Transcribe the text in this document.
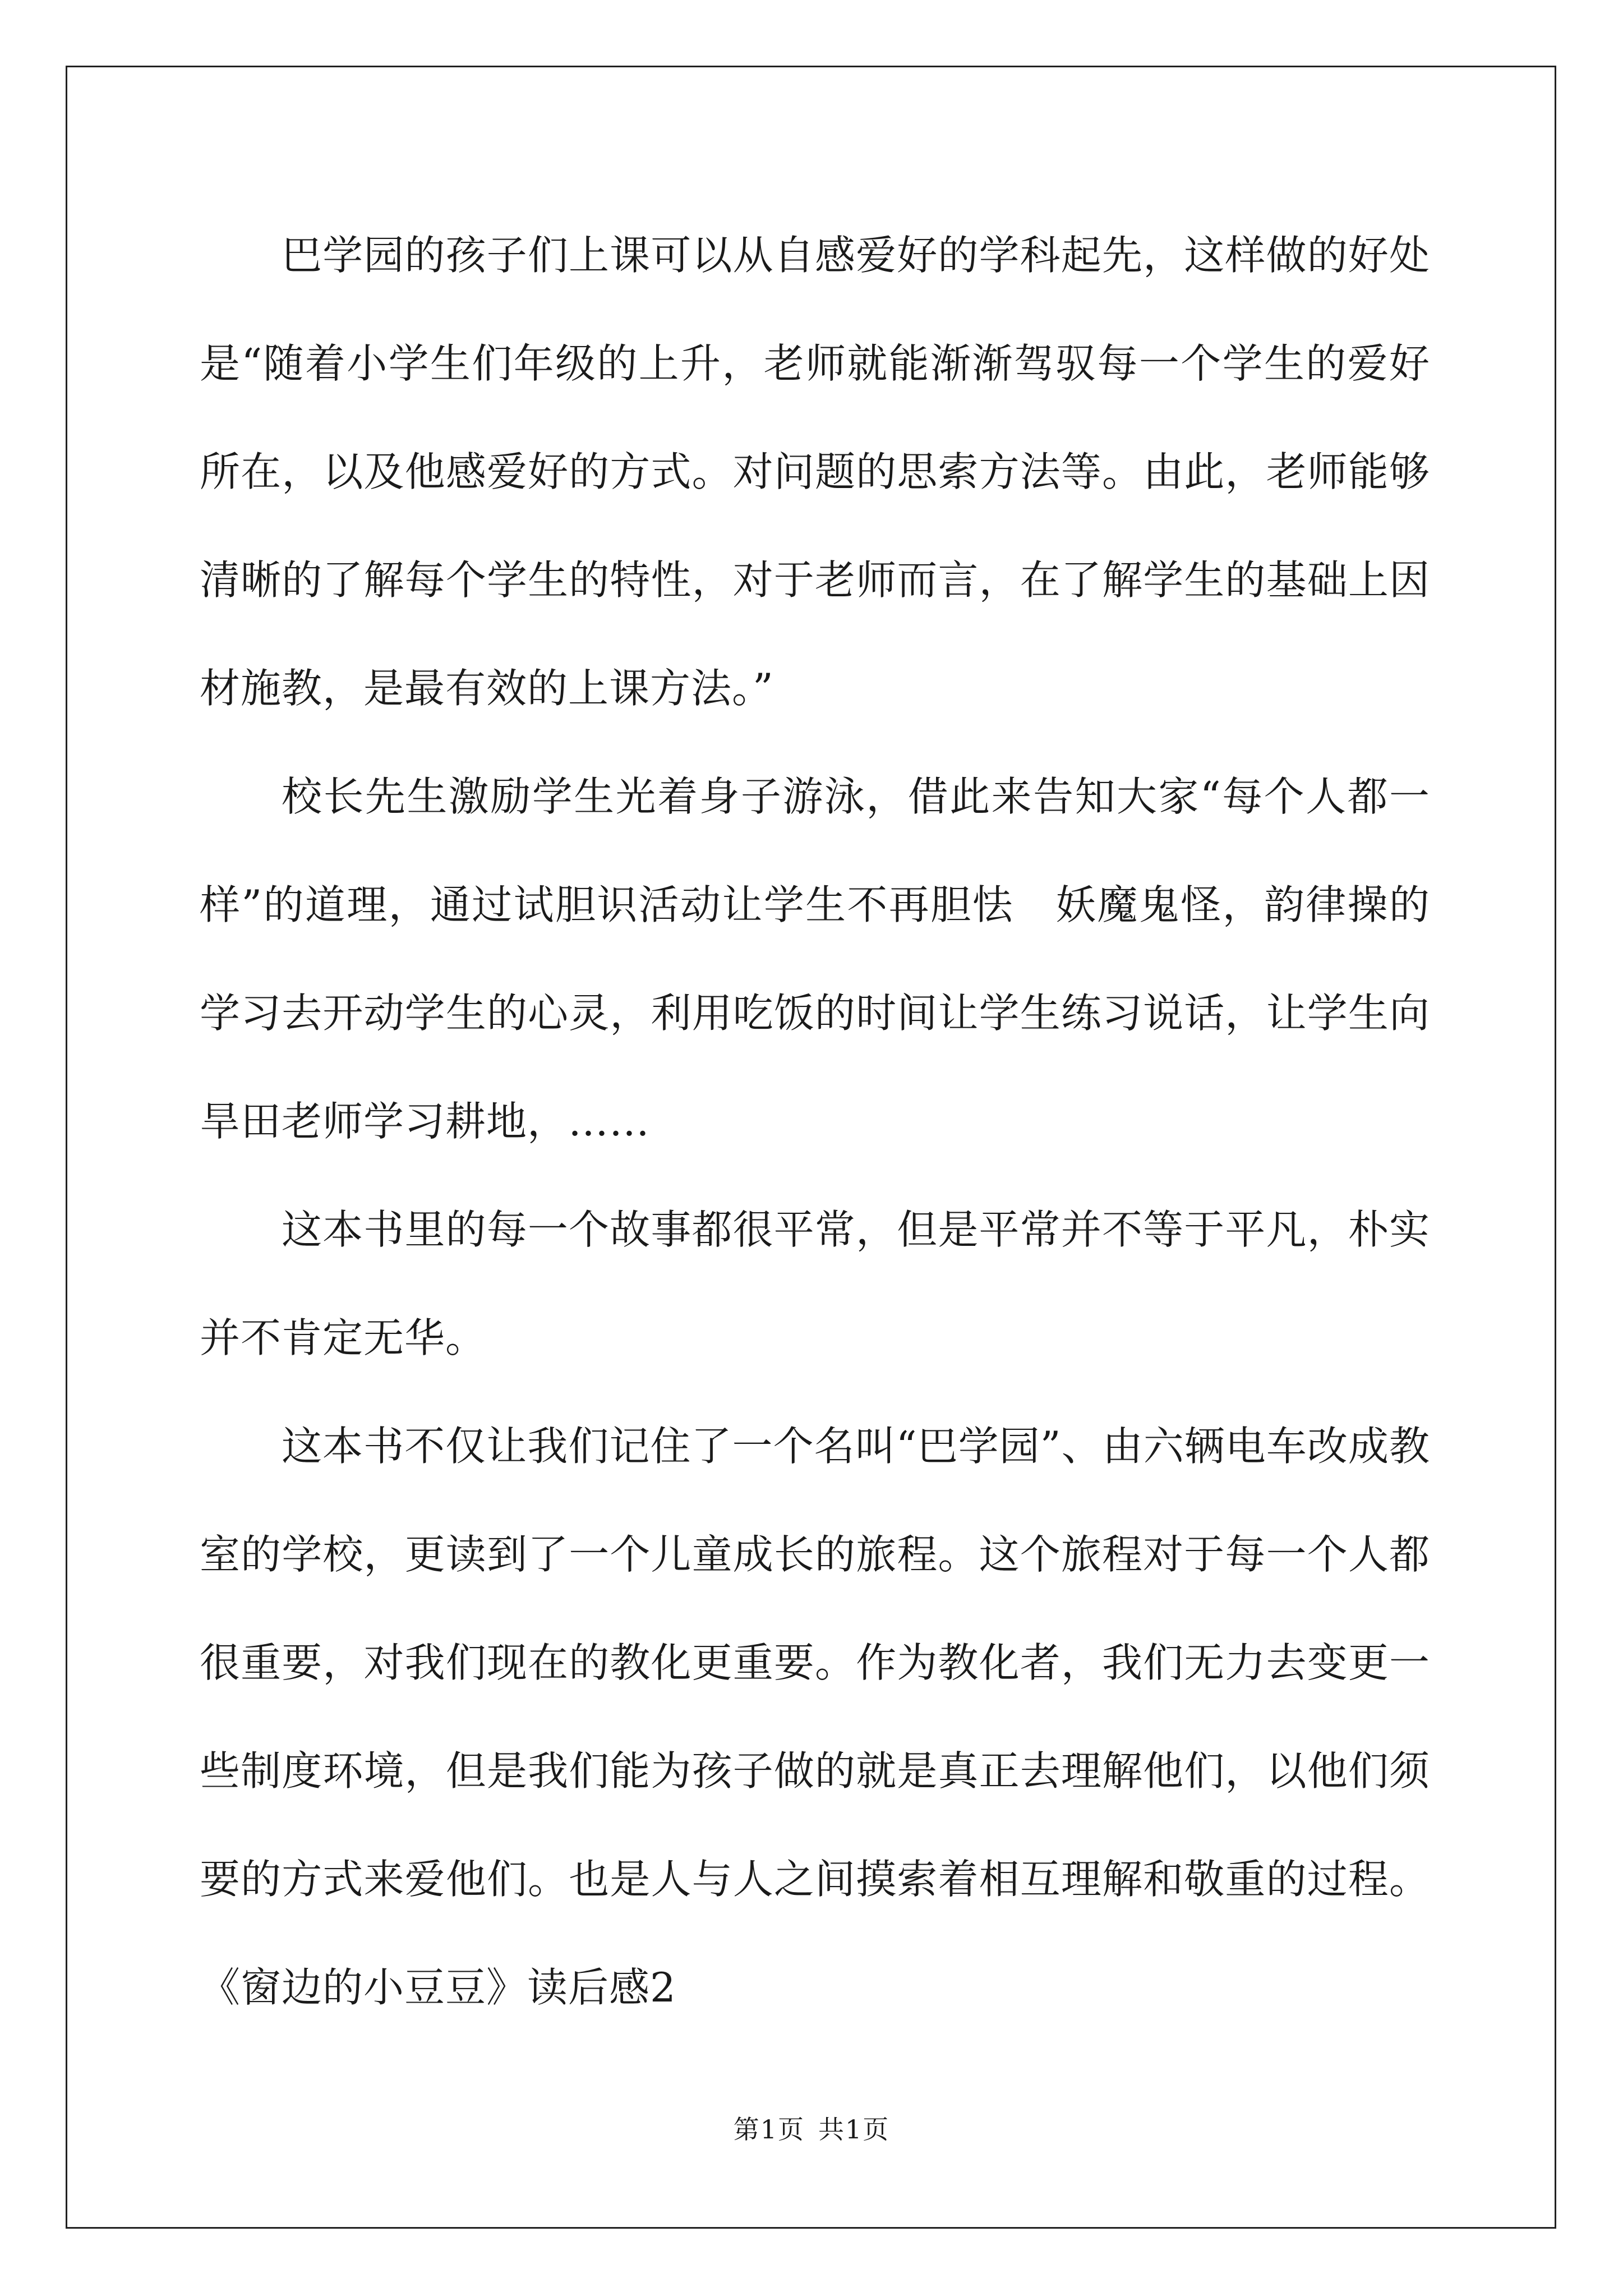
巴学园的孩子们上课可以从自感爱好的学科起先，这样做的好处
是“随着小学生们年级的上升，老师就能渐渐驾驭每一个学生的爱好
所在，以及他感爱好的方式。对问题的思索方法等。由此，老师能够
清晰的了解每个学生的特性，对于老师而言，在了解学生的基础上因
材施教，是最有效的上课方法。”
校长先生激励学生光着身子游泳，借此来告知大家“每个人都一
样”的道理，通过试胆识活动让学生不再胆怯　妖魔鬼怪，韵律操的
学习去开动学生的心灵，利用吃饭的时间让学生练习说话，让学生向
旱田老师学习耕地，……
这本书里的每一个故事都很平常，但是平常并不等于平凡，朴实
并不肯定无华。
这本书不仅让我们记住了一个名叫“巴学园”、由六辆电车改成教
室的学校，更读到了一个儿童成长的旅程。这个旅程对于每一个人都
很重要，对我们现在的教化更重要。作为教化者，我们无力去变更一
些制度环境，但是我们能为孩子做的就是真正去理解他们，以他们须
要的方式来爱他们。也是人与人之间摸索着相互理解和敬重的过程。
《窗边的小豆豆》读后感2
第1页 共1页
